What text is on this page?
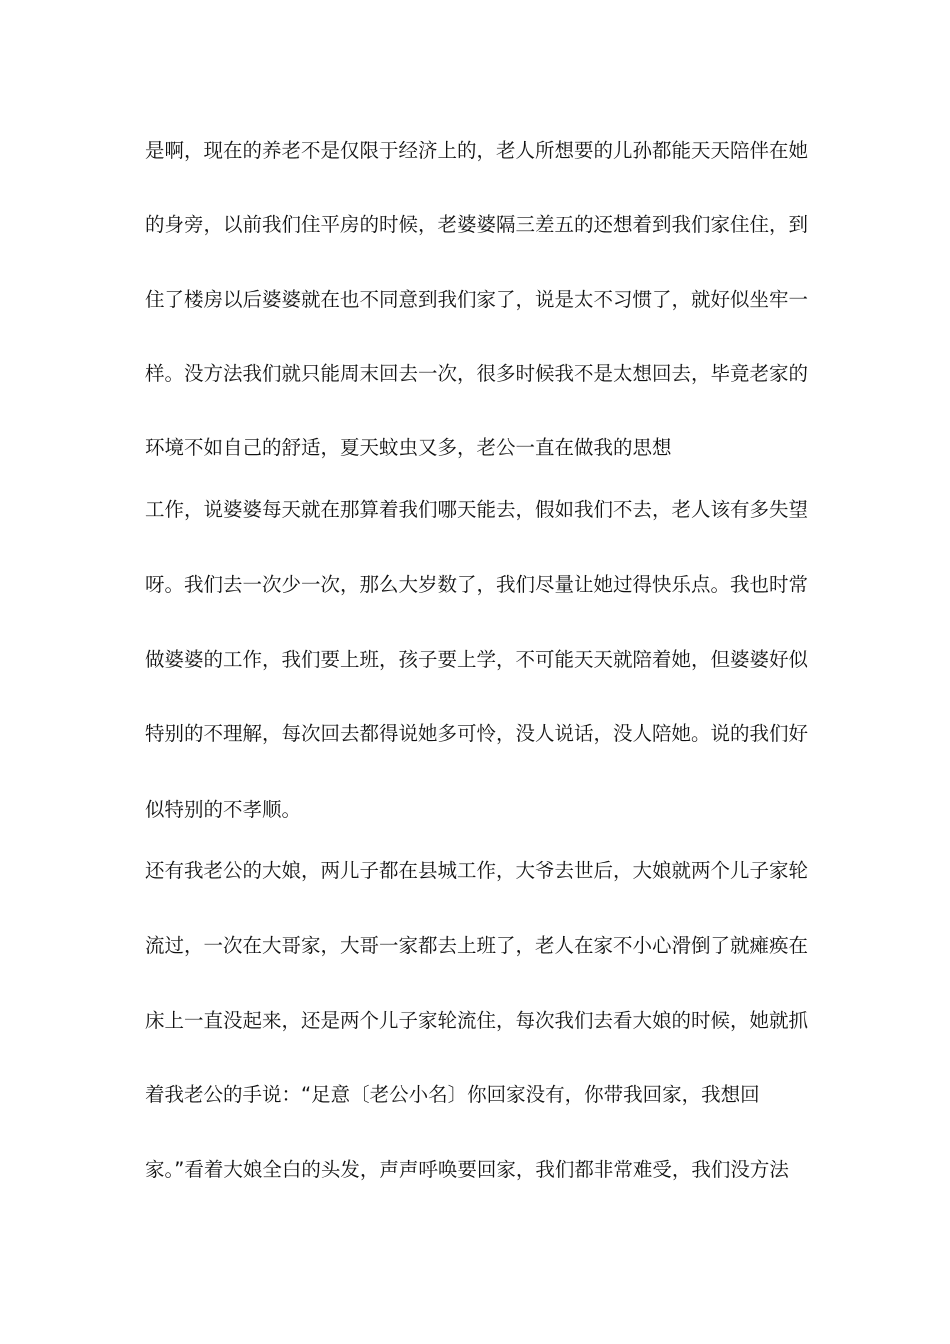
是啊，现在的养老不是仅限于经济上的，老人所想要的儿孙都能天天陪伴在她
的身旁，以前我们住平房的时候，老婆婆隔三差五的还想着到我们家住住，到
住了楼房以后婆婆就在也不同意到我们家了，说是太不习惯了，就好似坐牢一
样。没方法我们就只能周末回去一次，很多时候我不是太想回去，毕竟老家的
环境不如自己的舒适，夏天蚊虫又多，老公一直在做我的思想
工作，说婆婆每天就在那算着我们哪天能去，假如我们不去，老人该有多失望
呀。我们去一次少一次，那么大岁数了，我们尽量让她过得快乐点。我也时常
做婆婆的工作，我们要上班，孩子要上学，不可能天天就陪着她，但婆婆好似
特别的不理解，每次回去都得说她多可怜，没人说话，没人陪她。说的我们好
似特别的不孝顺。
还有我老公的大娘，两儿子都在县城工作，大爷去世后，大娘就两个儿子家轮
流过，一次在大哥家，大哥一家都去上班了，老人在家不小心滑倒了就瘫痪在
床上一直没起来，还是两个儿子家轮流住，每次我们去看大娘的时候，她就抓
着我老公的手说：“足意〔老公小名〕你回家没有，你带我回家，我想回
家。”看着大娘全白的头发，声声呼唤要回家，我们都非常难受，我们没方法
